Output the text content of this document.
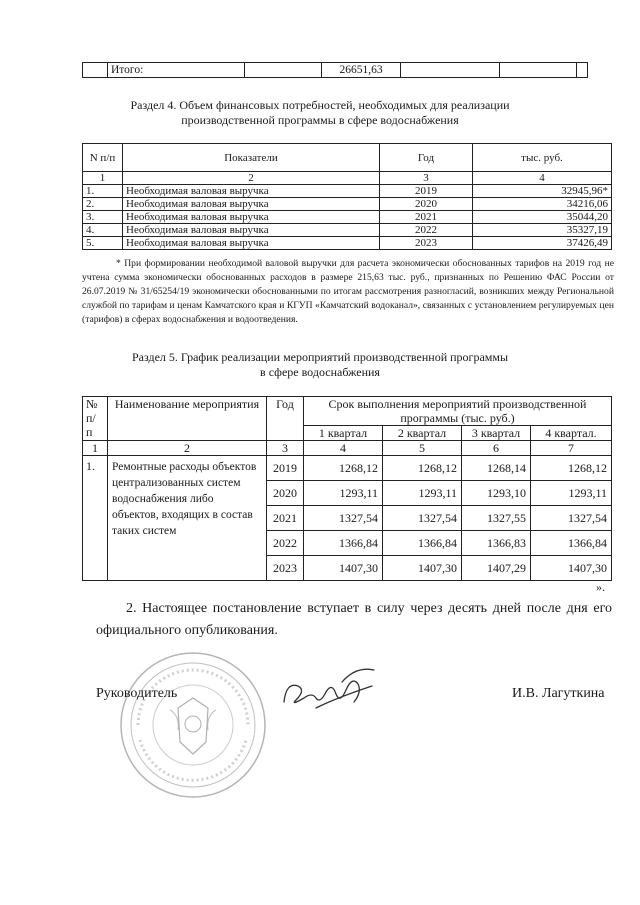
	Итого:		26651,63			
Раздел 4. Объем финансовых потребностей, необходимых для реализации
производственной программы в сфере водоснабжения
N п/п	Показатели	Год	тыс. руб.
1	2	3	4
1.	Необходимая валовая выручка	2019	32945,96*
2.	Необходимая валовая выручка	2020	34216,06
3.	Необходимая валовая выручка	2021	35044,20
4.	Необходимая валовая выручка	2022	35327,19
5.	Необходимая валовая выручка	2023	37426,49
* При формировании необходимой валовой выручки для расчета экономически обоснованных тарифов на 2019 год не учтена сумма экономически обоснованных расходов в размере 215,63 тыс. руб., признанных по Решению ФАС России от 26.07.2019 № 31/65254/19 экономически обоснованными по итогам рассмотрения разногласий, возникших между Региональной службой по тарифам и ценам Камчатского края и КГУП «Камчатский водоканал», связанных с установлением регулируемых цен (тарифов) в сферах водоснабжения и водоотведения.
Раздел 5. График реализации мероприятий производственной программы
в сфере водоснабжения
№ п/ п	Наименование мероприятия	Год	Срок выполнения мероприятий производственной программы (тыс. руб.)			
			1 квартал	2 квартал	3 квартал	4 квартал.
1	2	3	4	5	6	7
1.	Ремонтные расходы объектов централизованных систем водоснабжения либо объектов, входящих в состав таких систем	2019	1268,12	1268,12	1268,14	1268,12
		2020	1293,11	1293,11	1293,10	1293,11
		2021	1327,54	1327,54	1327,55	1327,54
		2022	1366,84	1366,84	1366,83	1366,84
		2023	1407,30	1407,30	1407,29	1407,30
».
2. Настоящее постановление вступает в силу через десять дней после дня его официального опубликования.
Руководитель	И.В. Лагуткина
